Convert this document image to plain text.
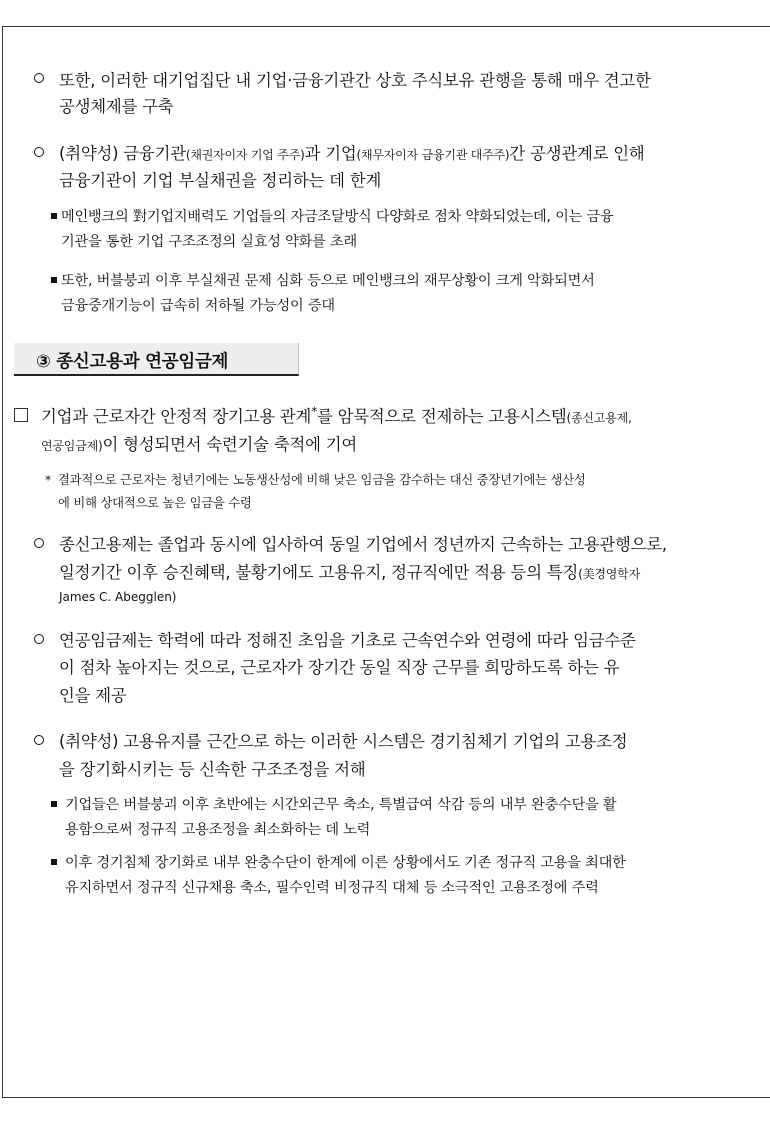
또한, 이러한 대기업집단 내 기업·금융기관간 상호 주식보유 관행을 통해 매우 견고한
공생체제를 구축
(취약성) 금융기관(채권자이자 기업 주주)과 기업(채무자이자 금융기관 대주주)간 공생관계로 인해
금융기관이 기업 부실채권을 정리하는 데 한계
메인뱅크의 對기업지배력도 기업들의 자금조달방식 다양화로 점차 약화되었는데, 이는 금융
기관을 통한 기업 구조조정의 실효성 약화를 초래
또한, 버블붕괴 이후 부실채권 문제 심화 등으로 메인뱅크의 재무상황이 크게 악화되면서
금융중개기능이 급속히 저하될 가능성이 증대
③ 종신고용과 연공임금제
기업과 근로자간 안정적 장기고용 관계*를 암묵적으로 전제하는 고용시스템(종신고용제,
연공임금제)이 형성되면서 숙련기술 축적에 기여
* 결과적으로 근로자는 청년기에는 노동생산성에 비해 낮은 임금을 감수하는 대신 중장년기에는 생산성
에 비해 상대적으로 높은 임금을 수령
종신고용제는 졸업과 동시에 입사하여 동일 기업에서 정년까지 근속하는 고용관행으로,
일정기간 이후 승진혜택, 불황기에도 고용유지, 정규직에만 적용 등의 특징(美경영학자
James C. Abegglen)
연공임금제는 학력에 따라 정해진 초임을 기초로 근속연수와 연령에 따라 임금수준
이 점차 높아지는 것으로, 근로자가 장기간 동일 직장 근무를 희망하도록 하는 유
인을 제공
(취약성) 고용유지를 근간으로 하는 이러한 시스템은 경기침체기 기업의 고용조정
을 장기화시키는 등 신속한 구조조정을 저해
기업들은 버블붕괴 이후 초반에는 시간외근무 축소, 특별급여 삭감 등의 내부 완충수단을 활
용함으로써 정규직 고용조정을 최소화하는 데 노력
이후 경기침체 장기화로 내부 완충수단이 한계에 이른 상황에서도 기존 정규직 고용을 최대한
유지하면서 정규직 신규채용 축소, 필수인력 비정규직 대체 등 소극적인 고용조정에 주력
